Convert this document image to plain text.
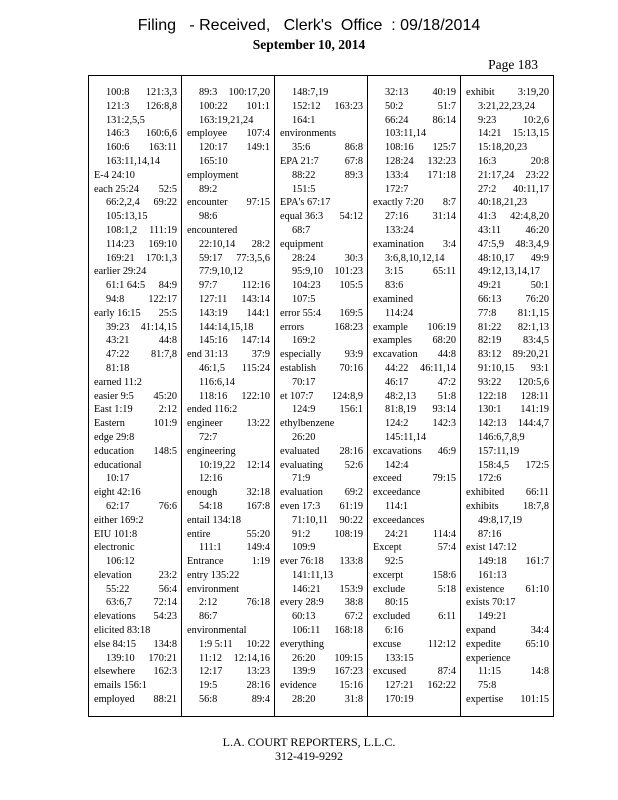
Filing   - Received,   Clerk's  Office  : 09/18/2014
September 10, 2014
Page 183
100:8	121:3,3
121:3	126:8,8
131:2,5,5
146:3	160:6,6
160:6	163:11
163:11,14,14
E-4 24:10
each 25:24	52:5
66:2,2,4	69:22
105:13,15
108:1,2	111:19
114:23	169:10
169:21	170:1,3
earlier 29:24
61:1 64:5	84:9
94:8	122:17
early 16:15	25:5
39:23	41:14,15
43:21	44:8
47:22	81:7,8
81:18
earned 11:2
easier 9:5	45:20
East 1:19	2:12
Eastern	101:9
edge 29:8
education	148:5
educational
10:17
eight 42:16
62:17	76:6
either 169:2
EIU 101:8
electronic
106:12
elevation	23:2
55:22	56:4
63:6,7	72:14
elevations	54:23
elicited 83:18
else 84:15	134:8
139:10	170:21
elsewhere	162:3
emails 156:1
employed	88:21
89:3	100:17,20
100:22	101:1
163:19,21,24
employee	107:4
120:17	149:1
165:10
employment
89:2
encounter	97:15
98:6
encountered
22:10,14	28:2
59:17	77:3,5,6
77:9,10,12
97:7	112:16
127:11	143:14
143:19	144:1
144:14,15,18
145:16	147:14
end 31:13	37:9
46:1,5	115:24
116:6,14
118:16	122:10
ended 116:2
engineer	13:22
72:7
engineering
10:19,22	12:14
12:16
enough	32:18
54:18	167:8
entail 134:18
entire	55:20
111:1	149:4
Entrance	1:19
entry 135:22
environment
2:12	76:18
86:7
environmental
1:9 5:11	10:22
11:12	12:14,16
12:17	13:23
19:5	28:16
56:8	89:4
148:7,19
152:12	163:23
164:1
environments
35:6	86:8
EPA 21:7	67:8
88:22	89:3
151:5
EPA's 67:17
equal 36:3	54:12
68:7
equipment
28:24	30:3
95:9,10	101:23
104:23	105:5
107:5
error 55:4	169:5
errors	168:23
169:2
especially	93:9
establish	70:16
70:17
et 107:7	124:8,9
124:9	156:1
ethylbenzene
26:20
evaluated	28:16
evaluating	52:6
71:9
evaluation	69:2
even 17:3	61:19
71:10,11	90:22
91:2	108:19
109:9
ever 76:18	133:8
141:11,13
146:21	153:9
every 28:9	38:8
60:13	67:2
106:11	168:18
everything
26:20	109:15
139:9	167:23
evidence	15:16
28:20	31:8
32:13	40:19
50:2	51:7
66:24	86:14
103:11,14
108:16	125:7
128:24	132:23
133:4	171:18
172:7
exactly 7:20	8:7
27:16	31:14
133:24
examination	3:4
3:6,8,10,12,14
3:15	65:11
83:6
examined
114:24
example	106:19
examples	68:20
excavation	44:8
44:22	46:11,14
46:17	47:2
48:2,13	51:8
81:8,19	93:14
124:2	142:3
145:11,14
excavations	46:9
142:4
exceed	79:15
exceedance
114:1
exceedances
24:21	114:4
Except	57:4
92:5
excerpt	158:6
exclude	5:18
80:15
excluded	6:11
6:16
excuse	112:12
133:15
excused	87:4
127:21	162:22
170:19
exhibit	3:19,20
3:21,22,23,24
9:23	10:2,6
14:21	15:13,15
15:18,20,23
16:3	20:8
21:17,24	23:22
27:2	40:11,17
40:18,21,23
41:3	42:4,8,20
43:11	46:20
47:5,9	48:3,4,9
48:10,17	49:9
49:12,13,14,17
49:21	50:1
66:13	76:20
77:8	81:1,15
81:22	82:1,13
82:19	83:4,5
83:12	89:20,21
91:10,15	93:1
93:22	120:5,6
122:18	128:11
130:1	141:19
142:13	144:4,7
146:6,7,8,9
157:11,19
158:4,5	172:5
172:6
exhibited	66:11
exhibits	18:7,8
49:8,17,19
87:16
exist 147:12
149:18	161:7
161:13
existence	61:10
exists 70:17
149:21
expand	34:4
expedite	65:10
experience
11:15	14:8
75:8
expertise	101:15
L.A. COURT REPORTERS, L.L.C.
312-419-9292
